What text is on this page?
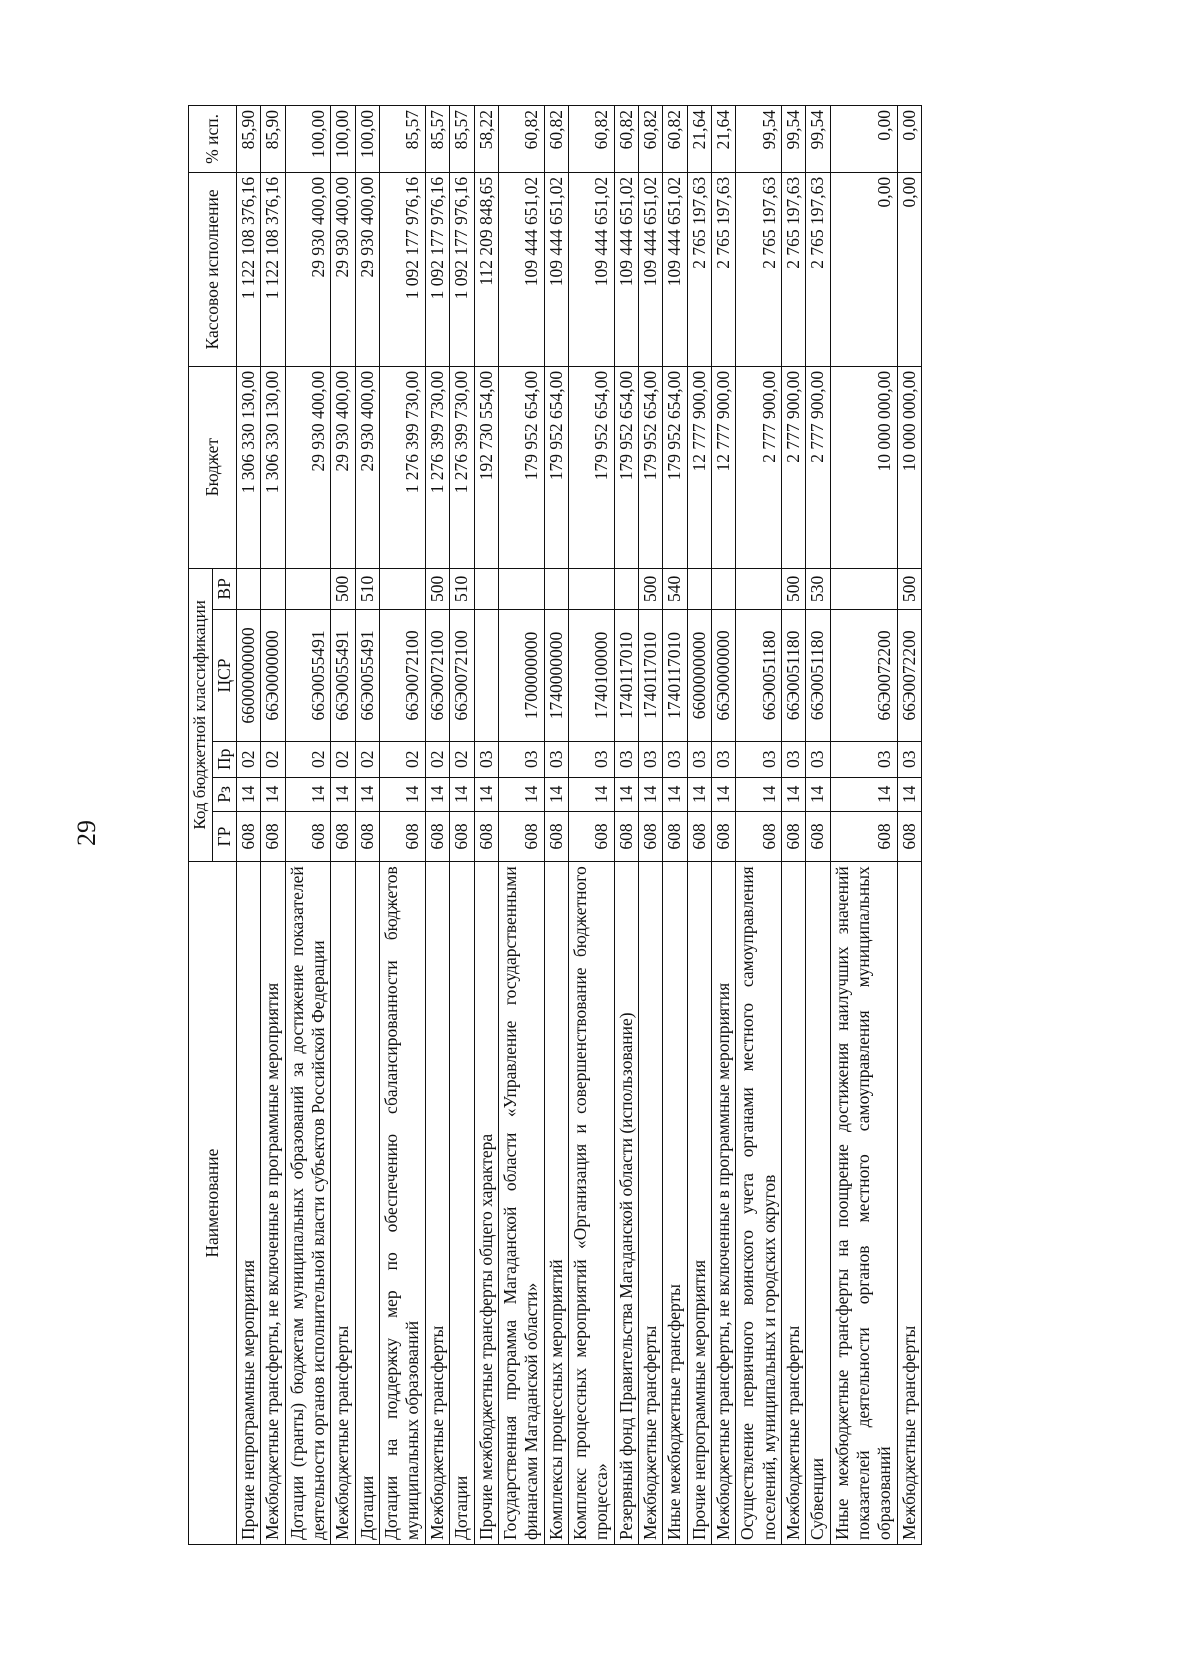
29
Наименование	Код бюджетной классификации					Бюджет	Кассовое исполнение	% исп.
	ГР	Рз	Пр	ЦСР	ВР			
Прочие непрограммные мероприятия	608	14	02	66000000000		1 306 330 130,00	1 122 108 376,16	85,90
Межбюджетные трансферты, не включенные в программные мероприятия	608	14	02	66Э0000000		1 306 330 130,00	1 122 108 376,16	85,90
Дотации (гранты) бюджетам муниципальных образований за достижение показателей деятельности органов исполнительной власти субъектов Российской Федерации	608	14	02	66Э0055491		29 930 400,00	29 930 400,00	100,00
Межбюджетные трансферты	608	14	02	66Э0055491	500	29 930 400,00	29 930 400,00	100,00
Дотации	608	14	02	66Э0055491	510	29 930 400,00	29 930 400,00	100,00
Дотации на поддержку мер по обеспечению сбалансированности бюджетов муниципальных образований	608	14	02	66Э0072100		1 276 399 730,00	1 092 177 976,16	85,57
Межбюджетные трансферты	608	14	02	66Э0072100	500	1 276 399 730,00	1 092 177 976,16	85,57
Дотации	608	14	02	66Э0072100	510	1 276 399 730,00	1 092 177 976,16	85,57
Прочие межбюджетные трансферты общего характера	608	14	03			192 730 554,00	112 209 848,65	58,22
Государственная программа Магаданской области «Управление государственными финансами Магаданской области»	608	14	03	1700000000		179 952 654,00	109 444 651,02	60,82
Комплексы процессных мероприятий	608	14	03	1740000000		179 952 654,00	109 444 651,02	60,82
Комплекс процессных мероприятий «Организация и совершенствование бюджетного процесса»	608	14	03	1740100000		179 952 654,00	109 444 651,02	60,82
Резервный фонд Правительства Магаданской области (использование)	608	14	03	1740117010		179 952 654,00	109 444 651,02	60,82
Межбюджетные трансферты	608	14	03	1740117010	500	179 952 654,00	109 444 651,02	60,82
Иные межбюджетные трансферты	608	14	03	1740117010	540	179 952 654,00	109 444 651,02	60,82
Прочие непрограммные мероприятия	608	14	03	6600000000		12 777 900,00	2 765 197,63	21,64
Межбюджетные трансферты, не включенные в программные мероприятия	608	14	03	66Э0000000		12 777 900,00	2 765 197,63	21,64
Осуществление первичного воинского учета органами местного самоуправления поселений, муниципальных и городских округов	608	14	03	66Э0051180		2 777 900,00	2 765 197,63	99,54
Межбюджетные трансферты	608	14	03	66Э0051180	500	2 777 900,00	2 765 197,63	99,54
Субвенции	608	14	03	66Э0051180	530	2 777 900,00	2 765 197,63	99,54
Иные межбюджетные трансферты на поощрение достижения наилучших значений показателей деятельности органов местного самоуправления муниципальных образований	608	14	03	66Э0072200		10 000 000,00	0,00	0,00
Межбюджетные трансферты	608	14	03	66Э0072200	500	10 000 000,00	0,00	0,00
